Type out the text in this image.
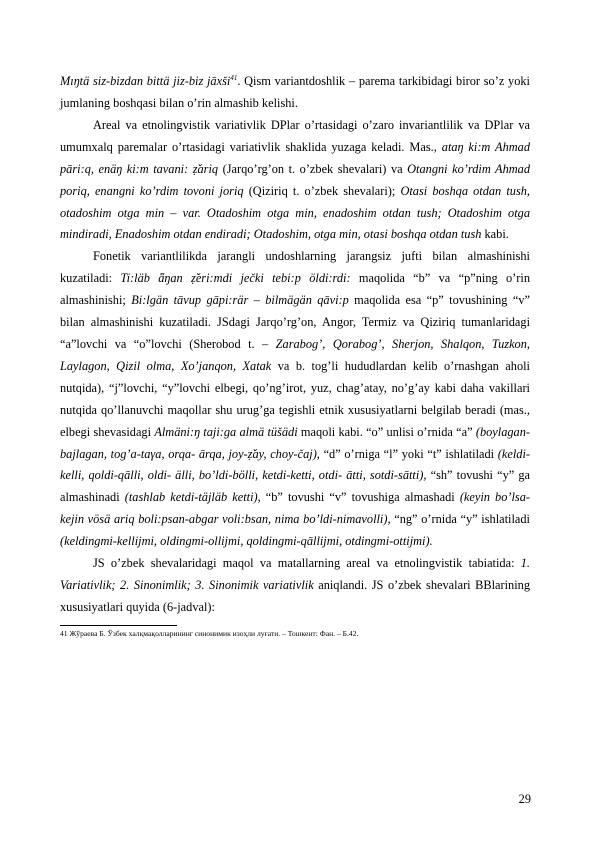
Mıŋtä siz-bizdan bittä jiz-biz jāxši$^{41}$. Qism variantdoshlik – parema tarkibidagi biror so’z yoki jumlaning boshqasi bilan o’rin almashib kelishi.

Areal va etnolingvistik variativlik DPlar o’rtasidagi o’zaro invariantlilik va DPlar va umumxalq paremalar o’rtasidagi variativlik shaklida yuzaga keladi. Mas., ataŋ ki:m Ahmad pāri:q, enäŋ ki:m tavani: ẓ̌ariq (Jarqo’rg’on t. o’zbek shevalari) va Otangni ko’rdim Ahmad poriq, enangni ko’rdim tovoni joriq (Qiziriq t. o’zbek shevalari); Otasi boshqa otdan tush, otadoshim otga min – var. Otadoshim otga min, enadoshim otdan tush; Otadoshim otga mindiradi, Enadoshim otdan endiradi; Otadoshim, otga min, otasi boshqa otdan tush kabi.

Fonetik variantlilikda jarangli undoshlarning jarangsiz jufti bilan almashinishi kuzatiladi: Ti:läb ǟŋan ẓ̌eri:mdi ječki tebi:p öldi:rdi: maqolida “b” va “p”ning o’rin almashinishi; Bi:lgän tāvup gāpi:rär – bilmägän qāvi:p maqolida esa “p” tovushining “v” bilan almashinishi kuzatiladi. JSdagi Jarqo’rg’on, Angor, Termiz va Qiziriq tumanlaridagi “a”lovchi va “o”lovchi (Sherobod t. – Zarabog’, Qorabog’, Sherjon, Shalqon, Tuzkon, Laylagon, Qizil olma, Xo’janqon, Xatak va b. tog’li hududlardan kelib o’rnashgan aholi nutqida), “j”lovchi, “y”lovchi elbegi, qo’ng’irot, yuz, chag’atay, no’g’ay kabi daha vakillari nutqida qo’llanuvchi maqollar shu urug’ga tegishli etnik xususiyatlarni belgilab beradi (mas., elbegi shevasidagi Almäni:ŋ taji:ga almä tüšädi maqoli kabi. “o” unlisi o’rnida “a” (boylagan-bajlagan, tog’a-taγa, orqa- ārqa, joy-ẓ̌ay, choy-čaj), “d” o’rniga “l” yoki “t” ishlatiladi (keldi-kelli, qoldi-qālli, oldi- älli, bo’ldi-bölli, ketdi-ketti, otdi- ātti, sotdi-sātti), “sh” tovushi “y” ga almashinadi (tashlab ketdi-täjläb ketti), “b” tovushi “v” tovushiga almashadi (keyin bo’lsa-kejin vösä ariq boli:psan-abgar voli:bsan, nima bo’ldi-nimavolli), “ng” o’rnida “y” ishlatiladi (keldingmi-kellijmi, oldingmi-ollijmi, qoldingmi-qāllijmi, otdingmi-ottijmi).

JS o’zbek shevalaridagi maqol va matallarning areal va etnolingvistik tabiatida: 1. Variativlik; 2. Sinonimlik; 3. Sinonimik variativlik aniqlandi. JS o’zbek shevalari BBlarining xususiyatlari quyida (6-jadval):

41 Жўраева Б. Ўзбек халқмақолларининг синонимик изоҳли луғати. – Тошкент: Фан. – Б.42.

29
